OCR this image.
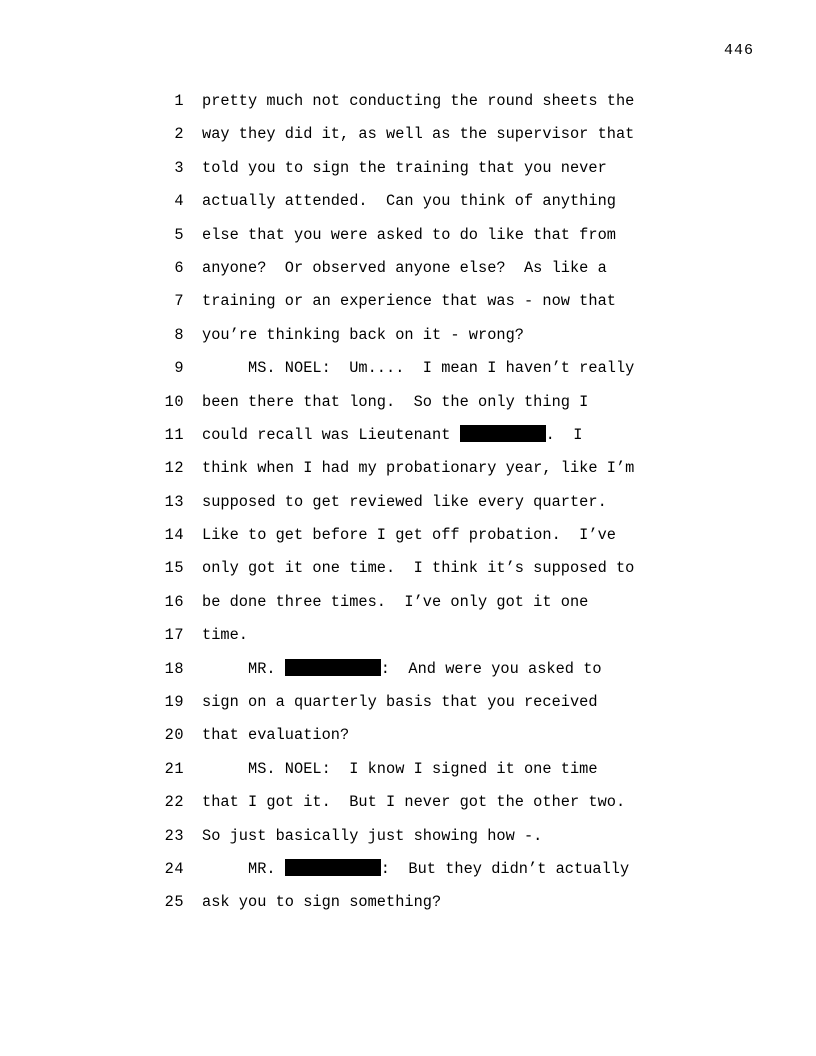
446
1 pretty much not conducting the round sheets the
2 way they did it, as well as the supervisor that
3 told you to sign the training that you never
4 actually attended.  Can you think of anything
5 else that you were asked to do like that from
6 anyone?  Or observed anyone else?  As like a
7 training or an experience that was - now that
8 you’re thinking back on it - wrong?
9 MS. NOEL:  Um....  I mean I haven’t really
10 been there that long.  So the only thing I
11 could recall was Lieutenant	.  I
12 think when I had my probationary year, like I’m
13 supposed to get reviewed like every quarter.
14 Like to get before I get off probation.  I’ve
15 only got it one time.  I think it’s supposed to
16 be done three times.  I’ve only got it one
17 time.
18 MR.	:  And were you asked to
19 sign on a quarterly basis that you received
20 that evaluation?
21 MS. NOEL:  I know I signed it one time
22 that I got it.  But I never got the other two.
23 So just basically just showing how -.
24 MR.	:  But they didn’t actually
25 ask you to sign something?
